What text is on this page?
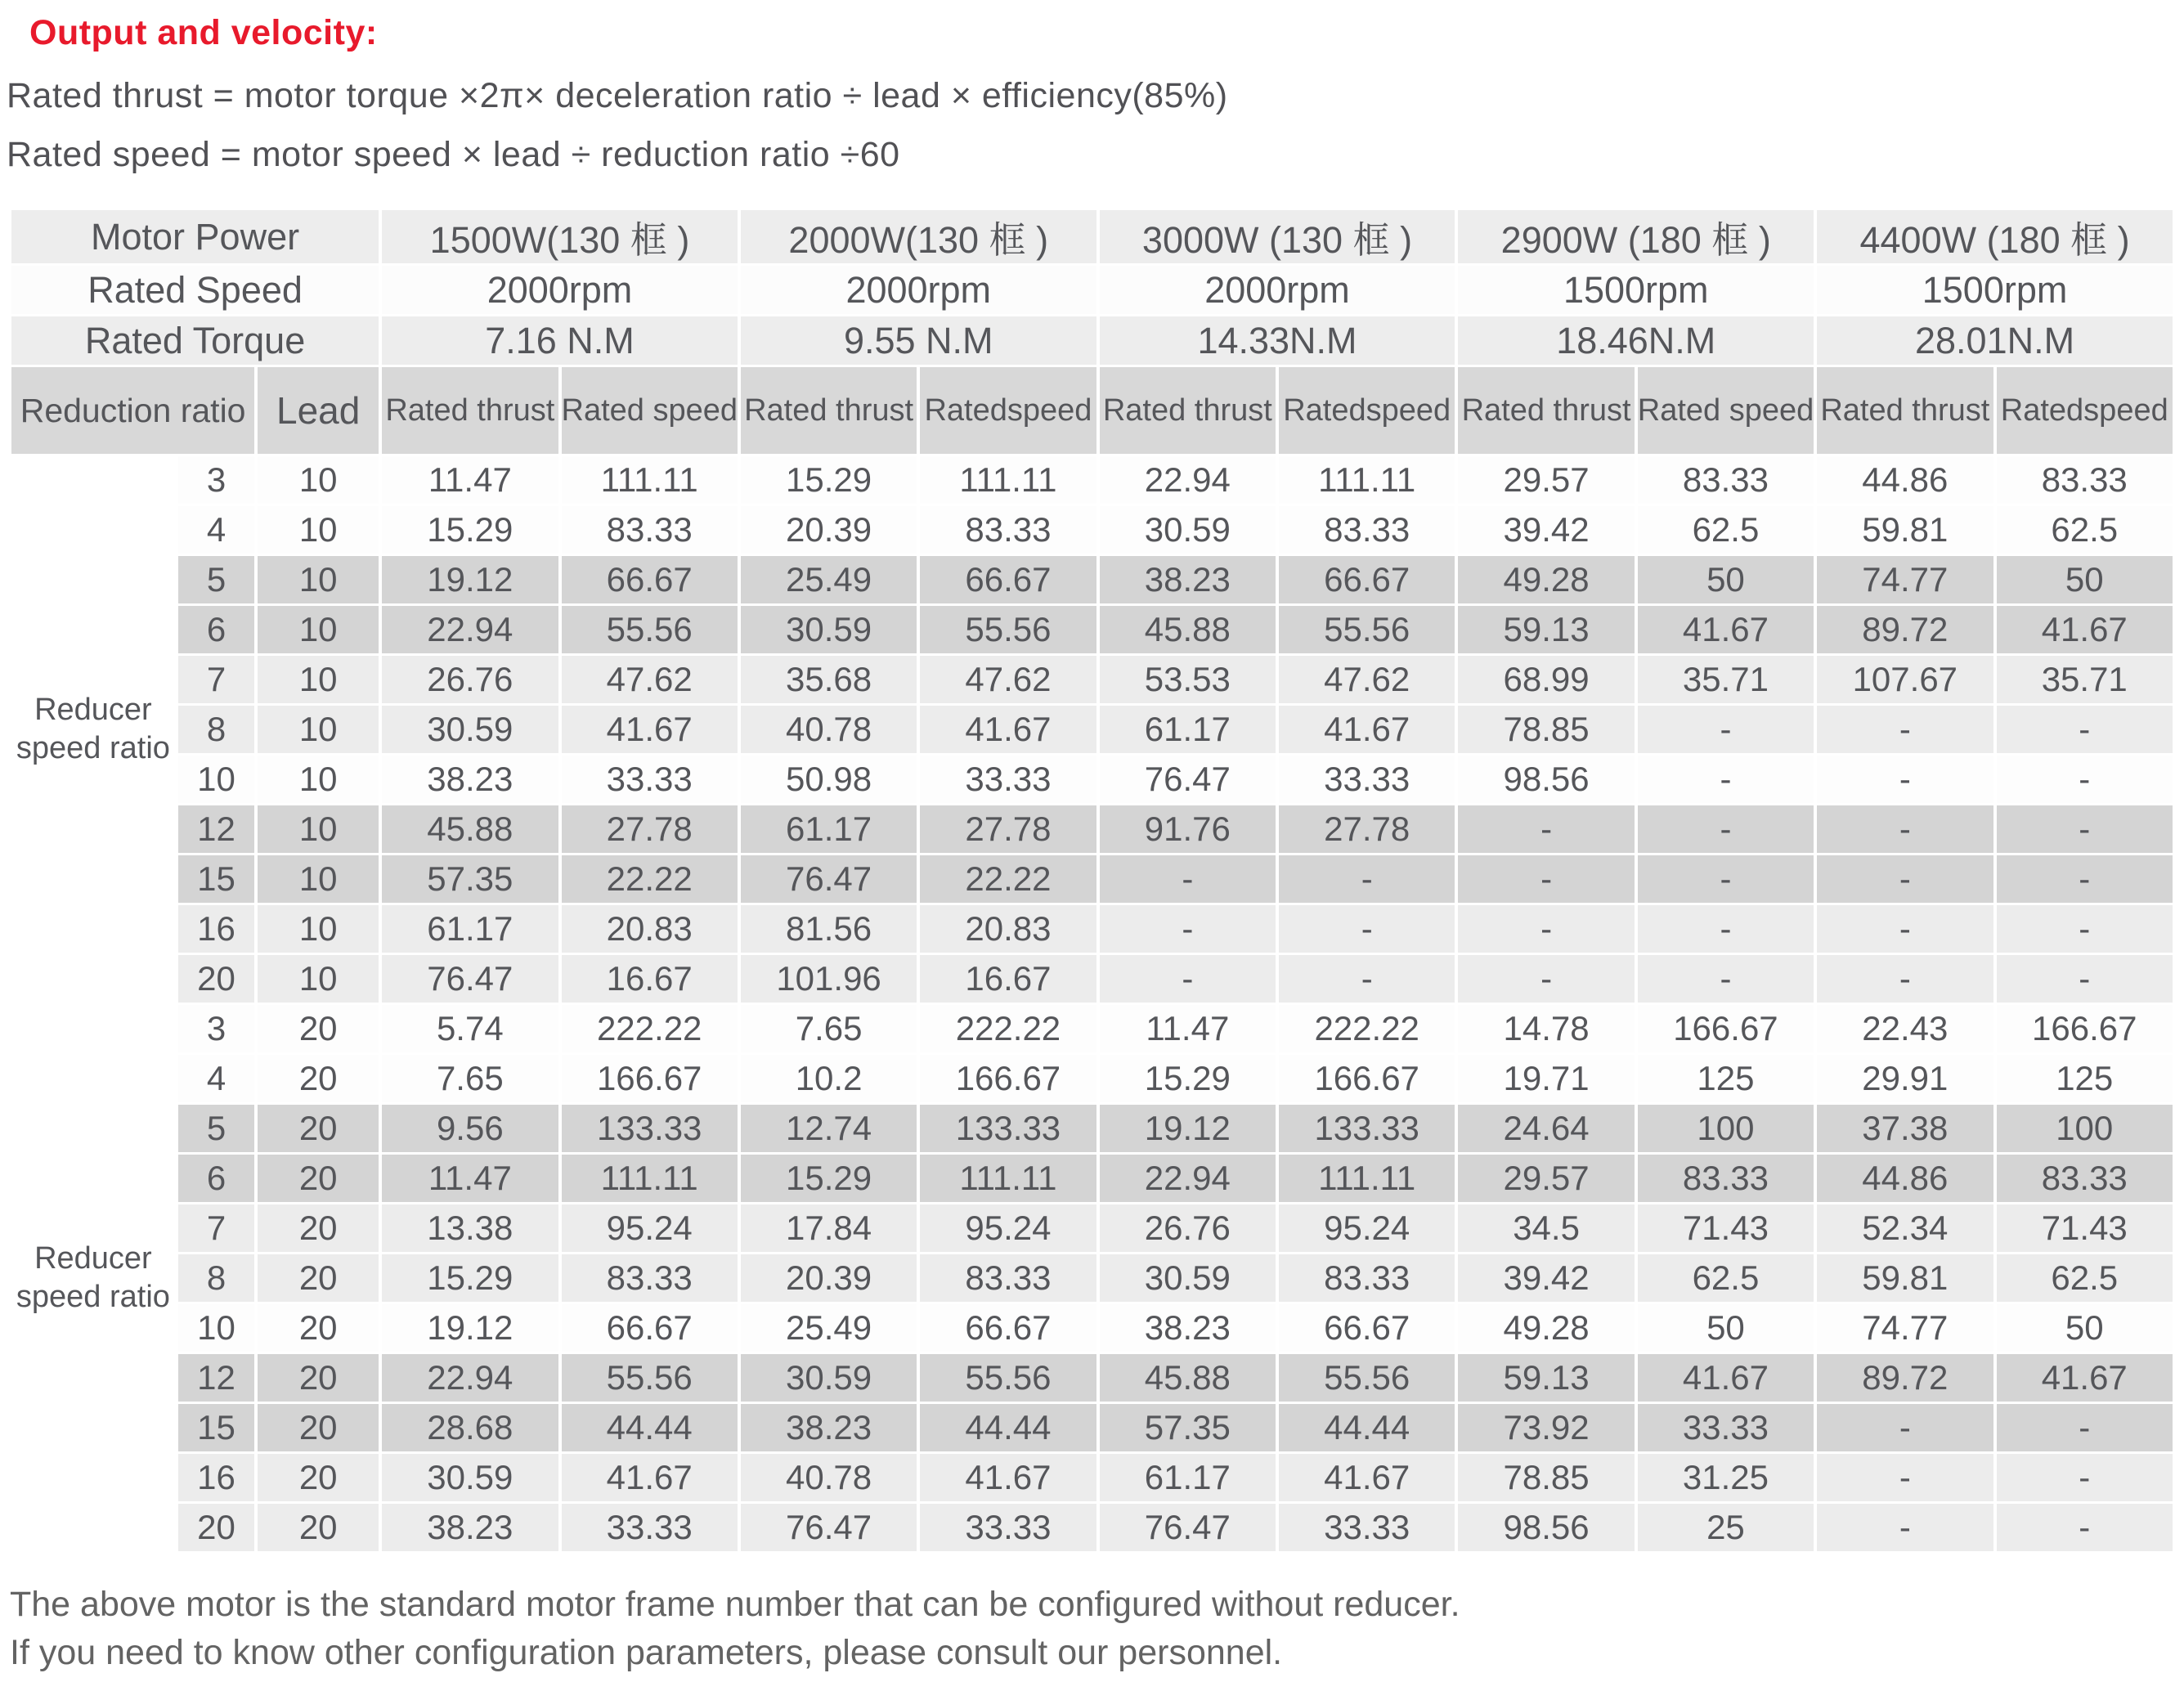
Output and velocity:
Rated thrust = motor torque ×2π× deceleration ratio ÷ lead × efficiency(85%)
Rated speed = motor speed × lead ÷ reduction ratio ÷60
Motor Power			1500W(130 框 )		2000W(130 框 )		3000W (130 框 )		2900W (180 框 )		4400W (180 框 )	
Rated Speed			2000rpm		2000rpm		2000rpm		1500rpm		1500rpm	
Rated Torque			7.16 N.M		9.55 N.M		14.33N.M		18.46N.M		28.01N.M	
Reduction ratio		Lead	Rated thrust	Rated speed	Rated thrust	Ratedspeed	Rated thrust	Ratedspeed	Rated thrust	Rated speed	Rated thrust	Ratedspeed
Reducer speed ratio	3	10	11.47	111.11	15.29	111.11	22.94	111.11	29.57	83.33	44.86	83.33
	4	10	15.29	83.33	20.39	83.33	30.59	83.33	39.42	62.5	59.81	62.5
	5	10	19.12	66.67	25.49	66.67	38.23	66.67	49.28	50	74.77	50
	6	10	22.94	55.56	30.59	55.56	45.88	55.56	59.13	41.67	89.72	41.67
	7	10	26.76	47.62	35.68	47.62	53.53	47.62	68.99	35.71	107.67	35.71
	8	10	30.59	41.67	40.78	41.67	61.17	41.67	78.85	-	-	-
	10	10	38.23	33.33	50.98	33.33	76.47	33.33	98.56	-	-	-
	12	10	45.88	27.78	61.17	27.78	91.76	27.78	-	-	-	-
	15	10	57.35	22.22	76.47	22.22	-	-	-	-	-	-
	16	10	61.17	20.83	81.56	20.83	-	-	-	-	-	-
	20	10	76.47	16.67	101.96	16.67	-	-	-	-	-	-
Reducer speed ratio	3	20	5.74	222.22	7.65	222.22	11.47	222.22	14.78	166.67	22.43	166.67
	4	20	7.65	166.67	10.2	166.67	15.29	166.67	19.71	125	29.91	125
	5	20	9.56	133.33	12.74	133.33	19.12	133.33	24.64	100	37.38	100
	6	20	11.47	111.11	15.29	111.11	22.94	111.11	29.57	83.33	44.86	83.33
	7	20	13.38	95.24	17.84	95.24	26.76	95.24	34.5	71.43	52.34	71.43
	8	20	15.29	83.33	20.39	83.33	30.59	83.33	39.42	62.5	59.81	62.5
	10	20	19.12	66.67	25.49	66.67	38.23	66.67	49.28	50	74.77	50
	12	20	22.94	55.56	30.59	55.56	45.88	55.56	59.13	41.67	89.72	41.67
	15	20	28.68	44.44	38.23	44.44	57.35	44.44	73.92	33.33	-	-
	16	20	30.59	41.67	40.78	41.67	61.17	41.67	78.85	31.25	-	-
	20	20	38.23	33.33	76.47	33.33	76.47	33.33	98.56	25	-	-

The above motor is the standard motor frame number that can be configured without reducer.

If you need to know other configuration parameters, please consult our personnel.
